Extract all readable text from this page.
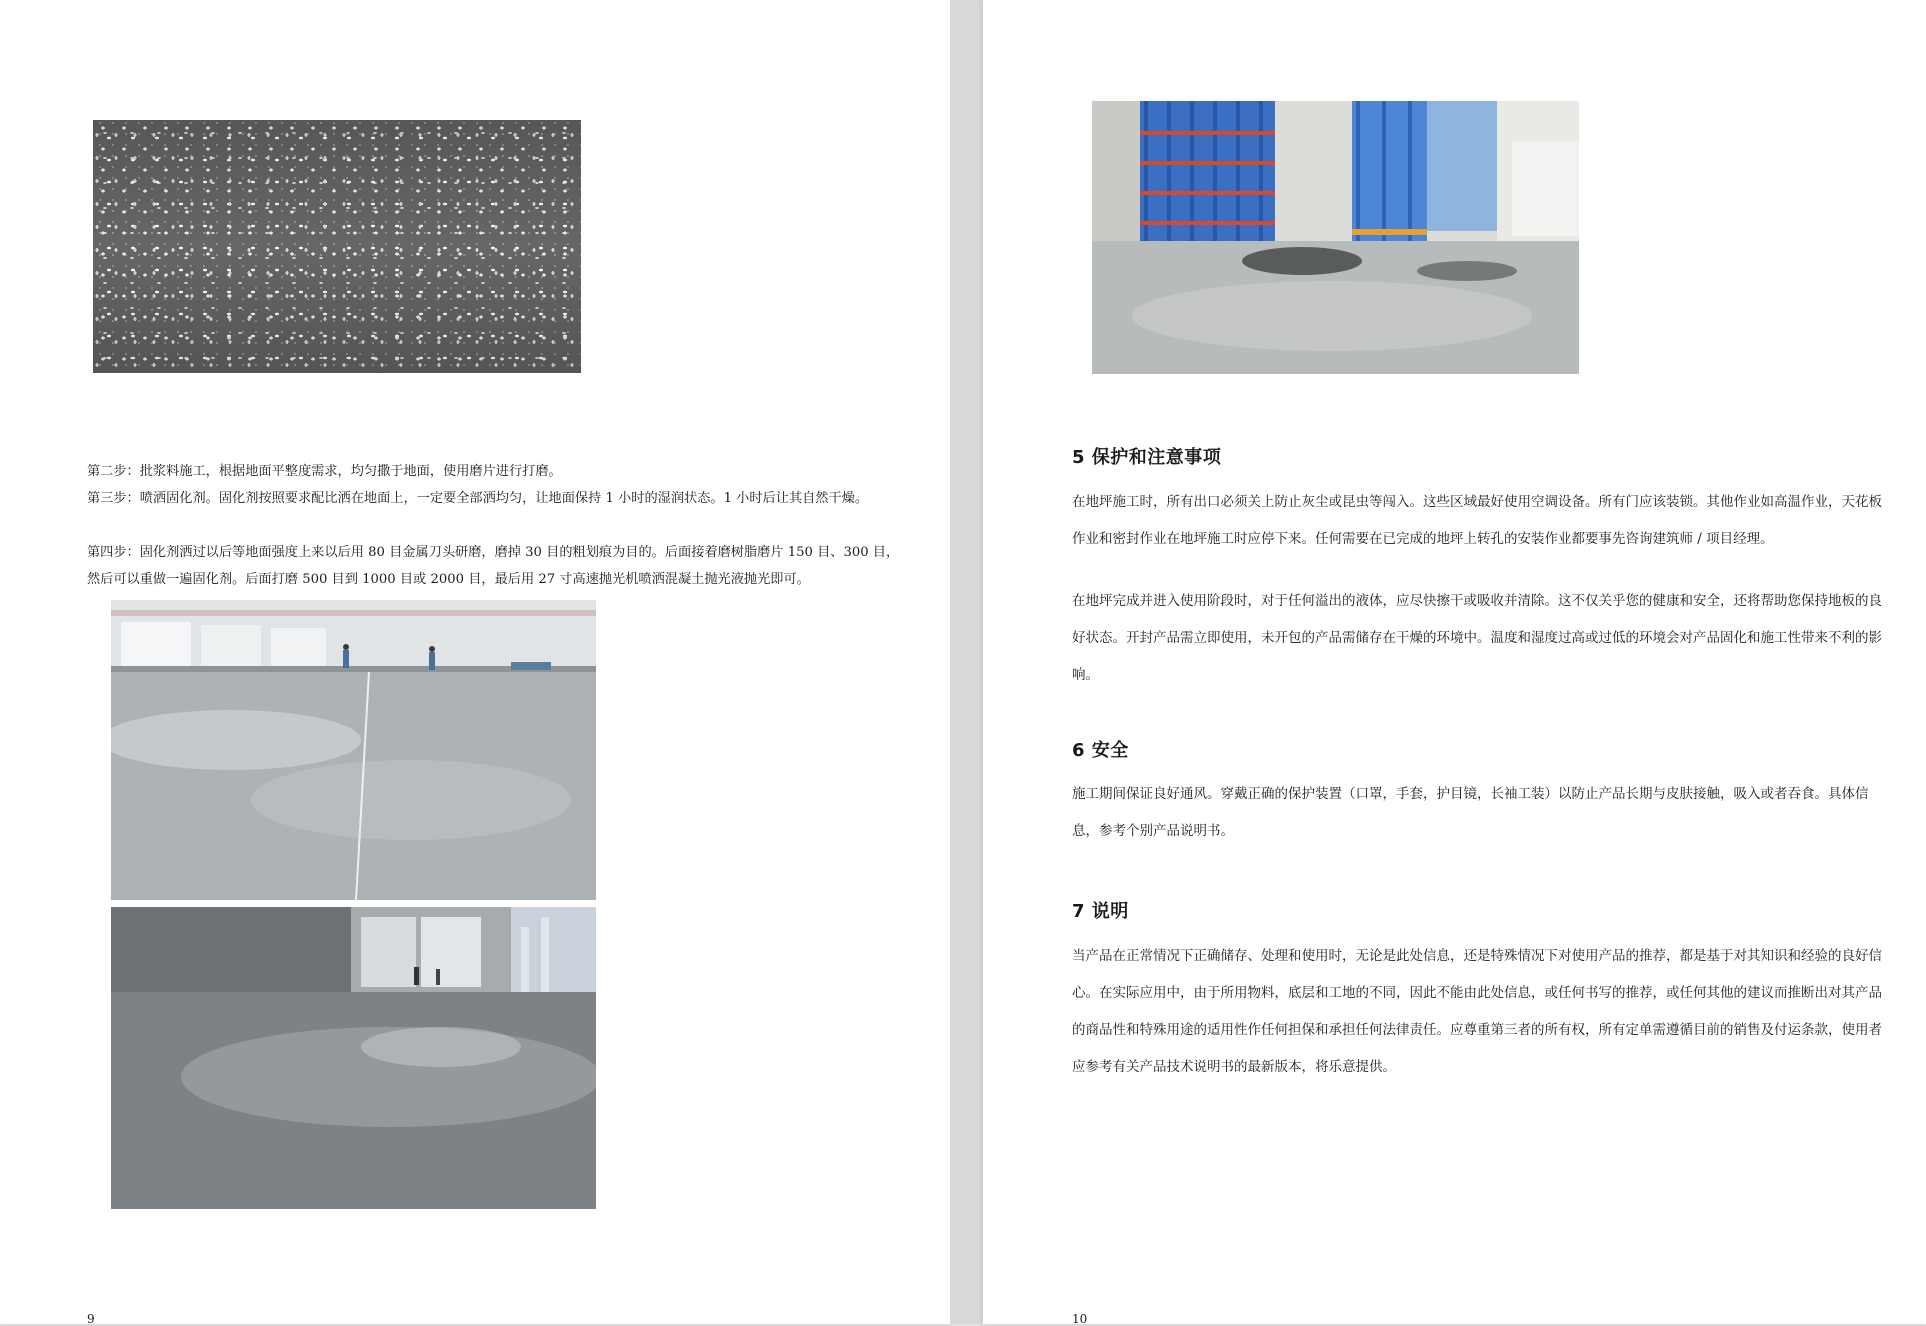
第二步：批浆料施工，根据地面平整度需求，均匀撒于地面，使用磨片进行打磨。

第三步：喷洒固化剂。固化剂按照要求配比洒在地面上，一定要全部洒均匀，让地面保持 1 小时的湿润状态。1 小时后让其自然干燥。

第四步：固化剂洒过以后等地面强度上来以后用 80 目金属刀头研磨，磨掉 30 目的粗划痕为目的。后面接着磨树脂磨片 150 目、300 目，然后可以重做一遍固化剂。后面打磨 500 目到 1000 目或 2000 目，最后用 27 寸高速抛光机喷洒混凝土抛光液抛光即可。

9
5 保护和注意事项

在地坪施工时，所有出口必须关上防止灰尘或昆虫等闯入。这些区域最好使用空调设备。所有门应该装锁。其他作业如高温作业，天花板作业和密封作业在地坪施工时应停下来。任何需要在已完成的地坪上转孔的安装作业都要事先咨询建筑师 / 项目经理。

在地坪完成并进入使用阶段时，对于任何溢出的液体，应尽快擦干或吸收并清除。这不仅关乎您的健康和安全，还将帮助您保持地板的良好状态。开封产品需立即使用，未开包的产品需储存在干燥的环境中。温度和湿度过高或过低的环境会对产品固化和施工性带来不利的影响。

6 安全

施工期间保证良好通风。穿戴正确的保护装置（口罩，手套，护目镜，长袖工装）以防止产品长期与皮肤接触，吸入或者吞食。具体信息，参考个别产品说明书。

7 说明

当产品在正常情况下正确储存、处理和使用时，无论是此处信息，还是特殊情况下对使用产品的推荐，都是基于对其知识和经验的良好信心。在实际应用中，由于所用物料，底层和工地的不同，因此不能由此处信息，或任何书写的推荐，或任何其他的建议而推断出对其产品的商品性和特殊用途的适用性作任何担保和承担任何法律责任。应尊重第三者的所有权，所有定单需遵循目前的销售及付运条款，使用者应参考有关产品技术说明书的最新版本，将乐意提供。

10
